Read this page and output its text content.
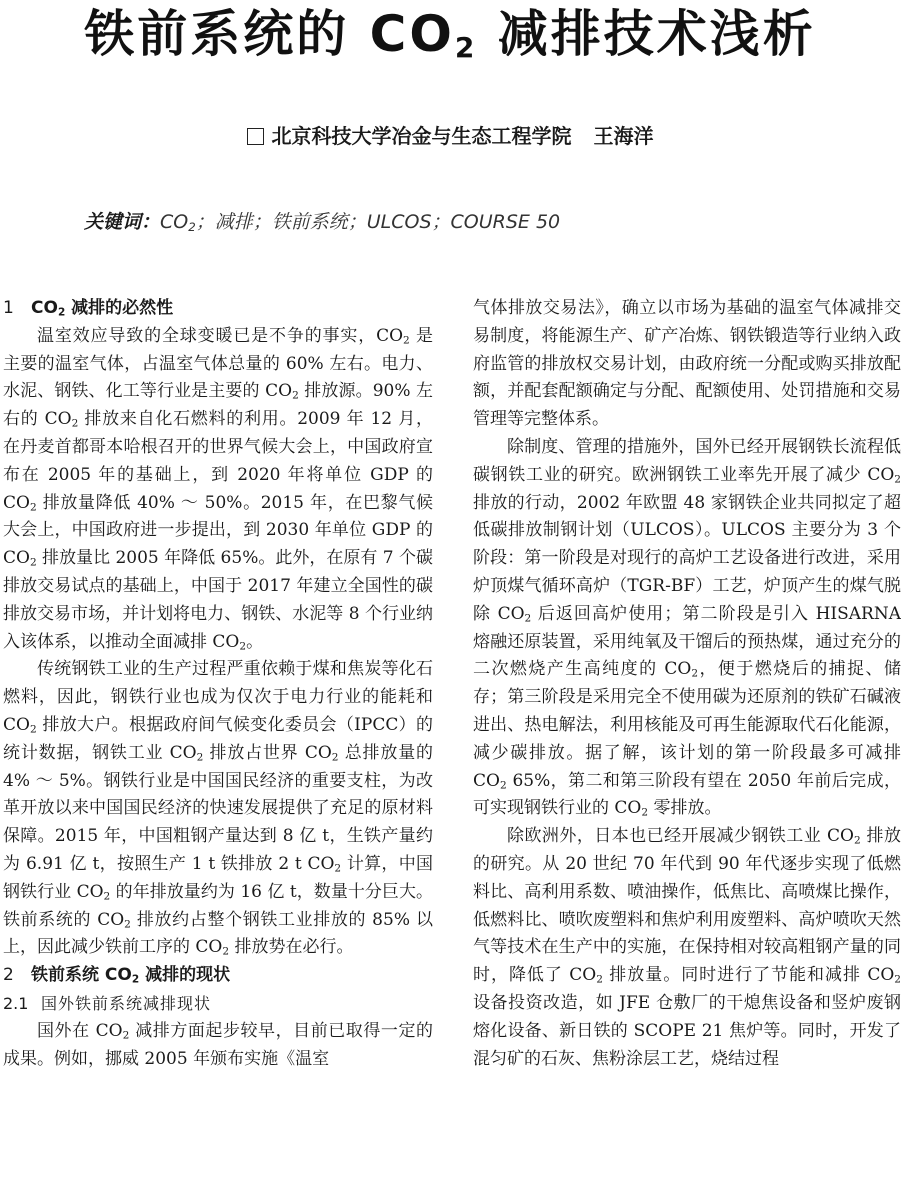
铁前系统的 $CO_2$ 减排技术浅析
北京科技大学冶金与生态工程学院 王海洋
关键词：$CO_2$；减排；铁前系统；ULCOS；COURSE 50
1 $CO_2$ 减排的必然性

温室效应导致的全球变暖已是不争的事实，$CO_2$ 是主要的温室气体，占温室气体总量的 60% 左右。电力、水泥、钢铁、化工等行业是主要的 $CO_2$ 排放源。90% 左右的 $CO_2$ 排放来自化石燃料的利用。2009 年 12 月，在丹麦首都哥本哈根召开的世界气候大会上，中国政府宣布在 2005 年的基础上，到 2020 年将单位 GDP 的 $CO_2$ 排放量降低 40% ～ 50%。2015 年，在巴黎气候大会上，中国政府进一步提出，到 2030 年单位 GDP 的 $CO_2$ 排放量比 2005 年降低 65%。此外，在原有 7 个碳排放交易试点的基础上，中国于 2017 年建立全国性的碳排放交易市场，并计划将电力、钢铁、水泥等 8 个行业纳入该体系，以推动全面减排 $CO_2$。

传统钢铁工业的生产过程严重依赖于煤和焦炭等化石燃料，因此，钢铁行业也成为仅次于电力行业的能耗和 $CO_2$ 排放大户。根据政府间气候变化委员会（IPCC）的统计数据，钢铁工业 $CO_2$ 排放占世界 $CO_2$ 总排放量的 4% ～ 5%。钢铁行业是中国国民经济的重要支柱，为改革开放以来中国国民经济的快速发展提供了充足的原材料保障。2015 年，中国粗钢产量达到 8 亿 t，生铁产量约为 6.91 亿 t，按照生产 1 t 铁排放 2 t $CO_2$ 计算，中国钢铁行业 $CO_2$ 的年排放量约为 16 亿 t，数量十分巨大。铁前系统的 $CO_2$ 排放约占整个钢铁工业排放的 85% 以上，因此减少铁前工序的 $CO_2$ 排放势在必行。

2 铁前系统 $CO_2$ 减排的现状
2.1 国外铁前系统减排现状

国外在 $CO_2$ 减排方面起步较早，目前已取得一定的成果。例如，挪威 2005 年颁布实施《温室

气体排放交易法》，确立以市场为基础的温室气体减排交易制度，将能源生产、矿产冶炼、钢铁锻造等行业纳入政府监管的排放权交易计划，由政府统一分配或购买排放配额，并配套配额确定与分配、配额使用、处罚措施和交易管理等完整体系。

除制度、管理的措施外，国外已经开展钢铁长流程低碳钢铁工业的研究。欧洲钢铁工业率先开展了减少 $CO_2$ 排放的行动，2002 年欧盟 48 家钢铁企业共同拟定了超低碳排放制钢计划（ULCOS）。ULCOS 主要分为 3 个阶段：第一阶段是对现行的高炉工艺设备进行改进，采用炉顶煤气循环高炉（TGR-BF）工艺，炉顶产生的煤气脱除 $CO_2$ 后返回高炉使用；第二阶段是引入 HISARNA 熔融还原装置，采用纯氧及干馏后的预热煤，通过充分的二次燃烧产生高纯度的 $CO_2$，便于燃烧后的捕捉、储存；第三阶段是采用完全不使用碳为还原剂的铁矿石碱液进出、热电解法，利用核能及可再生能源取代石化能源，减少碳排放。据了解，该计划的第一阶段最多可减排 $CO_2$ 65%，第二和第三阶段有望在 2050 年前后完成，可实现钢铁行业的 $CO_2$ 零排放。

除欧洲外，日本也已经开展减少钢铁工业 $CO_2$ 排放的研究。从 20 世纪 70 年代到 90 年代逐步实现了低燃料比、高利用系数、喷油操作，低焦比、高喷煤比操作，低燃料比、喷吹废塑料和焦炉利用废塑料、高炉喷吹天然气等技术在生产中的实施，在保持相对较高粗钢产量的同时，降低了 $CO_2$ 排放量。同时进行了节能和减排 $CO_2$ 设备投资改造，如 JFE 仓敷厂的干熄焦设备和竖炉废钢熔化设备、新日铁的 SCOPE 21 焦炉等。同时，开发了混匀矿的石灰、焦粉涂层工艺，烧结过程
